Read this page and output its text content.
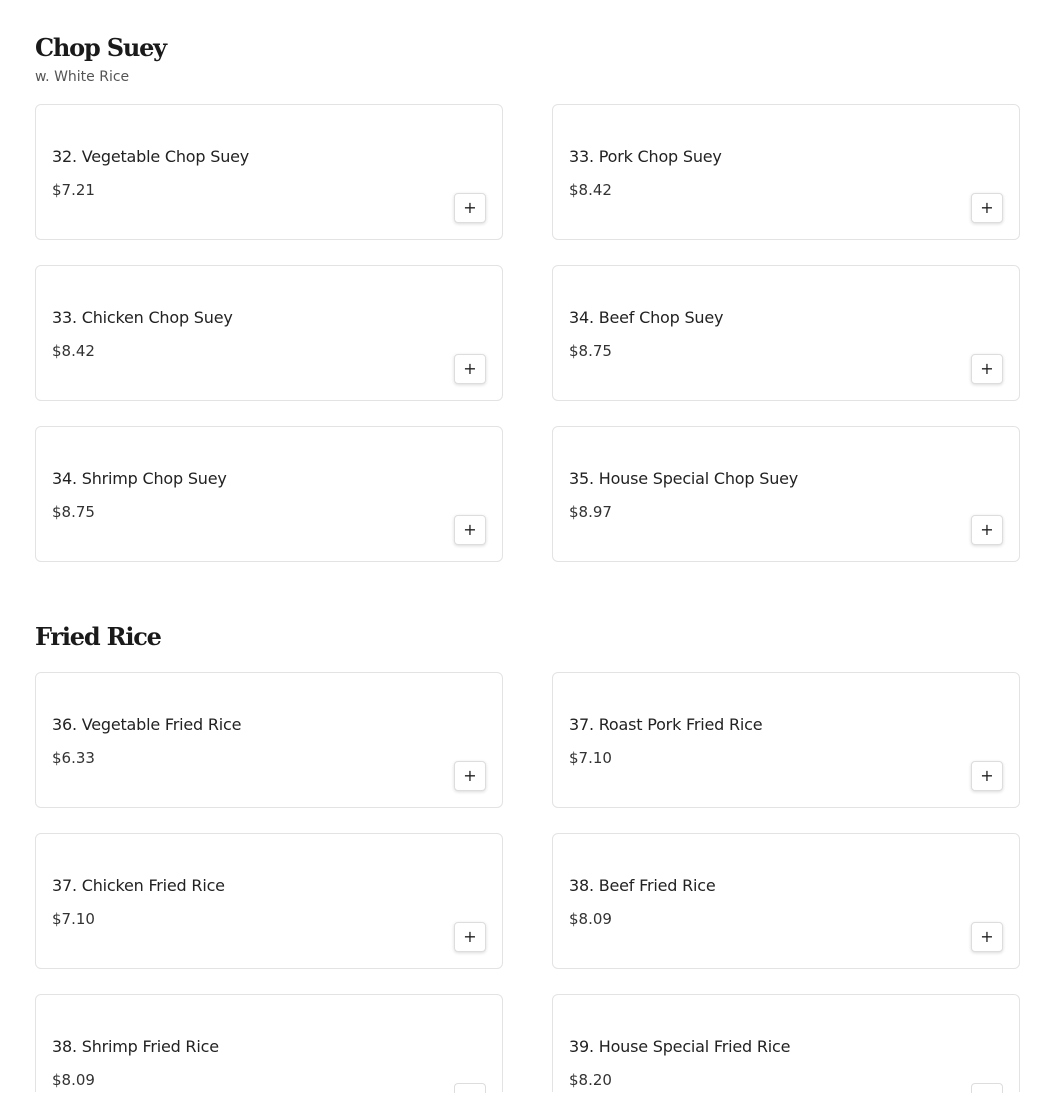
Chop Suey

w. White Rice

32. Vegetable Chop Suey
$7.21
+
33. Pork Chop Suey
$8.42
+
33. Chicken Chop Suey
$8.42
+
34. Beef Chop Suey
$8.75
+
34. Shrimp Chop Suey
$8.75
+
35. House Special Chop Suey
$8.97
+
Fried Rice
36. Vegetable Fried Rice
$6.33
+
37. Roast Pork Fried Rice
$7.10
+
37. Chicken Fried Rice
$7.10
+
38. Beef Fried Rice
$8.09
+
38. Shrimp Fried Rice
$8.09
39. House Special Fried Rice
$8.20
